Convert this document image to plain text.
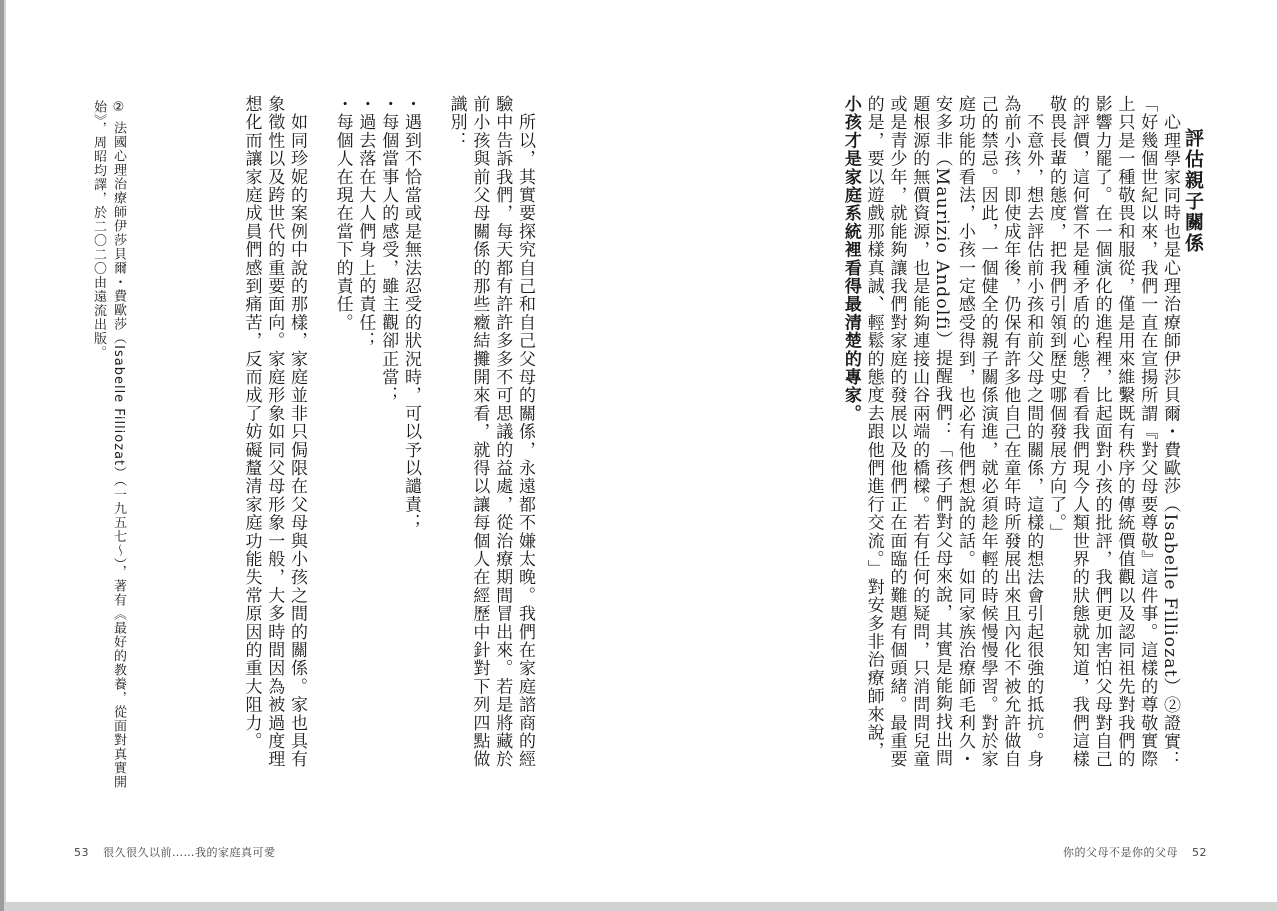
評估親子關係
　心理學家同時也是心理治療師伊莎貝爾・費歐莎（Isabelle Filliozat）②證實：「好幾個世紀以來，我們一直在宣揚所謂『對父母要尊敬』這件事。這樣的尊敬實際上只是一種敬畏和服從，僅是用來維繫既有秩序的傳統價值觀以及認同祖先對我們的影響力罷了。在一個演化的進程裡，比起面對小孩的批評，我們更加害怕父母對自己的評價，這何嘗不是種矛盾的心態？看看我們現今人類世界的狀態就知道，我們這樣敬畏長輩的態度，把我們引領到歷史哪個發展方向了。」
　不意外，想去評估前小孩和前父母之間的關係，這樣的想法會引起很強的抵抗。身為前小孩，即使成年後，仍保有許多他自己在童年時所發展出來且內化不被允許做自己的禁忌。因此，一個健全的親子關係演進，就必須趁年輕的時候慢慢學習。對於家庭功能的看法，小孩一定感受得到，也必有他們想說的話。如同家族治療師毛利久・安多非（Maurizio Andolfi）提醒我們：「孩子們對父母來說，其實是能夠找出問題根源的無價資源，也是能夠連接山谷兩端的橋樑。若有任何的疑問，只消問問兒童或是青少年，就能夠讓我們對家庭的發展以及他們正在面臨的難題有個頭緒。最重要的是，要以遊戲那樣真誠、輕鬆的態度去跟他們進行交流。」對安多非治療師來說，小孩才是家庭系統裡看得最清楚的專家。
　所以，其實要探究自己和自己父母的關係，永遠都不嫌太晚。我們在家庭諮商的經驗中告訴我們，每天都有許許多多不可思議的益處，從治療期間冒出來。若是將藏於前小孩與前父母關係的那些癥結攤開來看，就得以讓每個人在經歷中針對下列四點做識別：

・遇到不恰當或是無法忍受的狀況時，可以予以譴責；
・每個當事人的感受，雖主觀卻正當；
・過去落在大人們身上的責任；
・每個人在現在當下的責任。

　如同珍妮的案例中說的那樣，家庭並非只侷限在父母與小孩之間的關係。家也具有象徵性以及跨世代的重要面向。家庭形象如同父母形象一般，大多時間因為被過度理想化而讓家庭成員們感到痛苦，反而成了妨礙釐清家庭功能失常原因的重大阻力。
② 法國心理治療師伊莎貝爾・費歐莎（Isabelle Filliozat）（一九五七～），著有《最好的教養，從面對真實開始》，周昭均譯，於二〇二〇由遠流出版。
53 很久很久以前……我的家庭真可愛	你的父母不是你的父母 52
